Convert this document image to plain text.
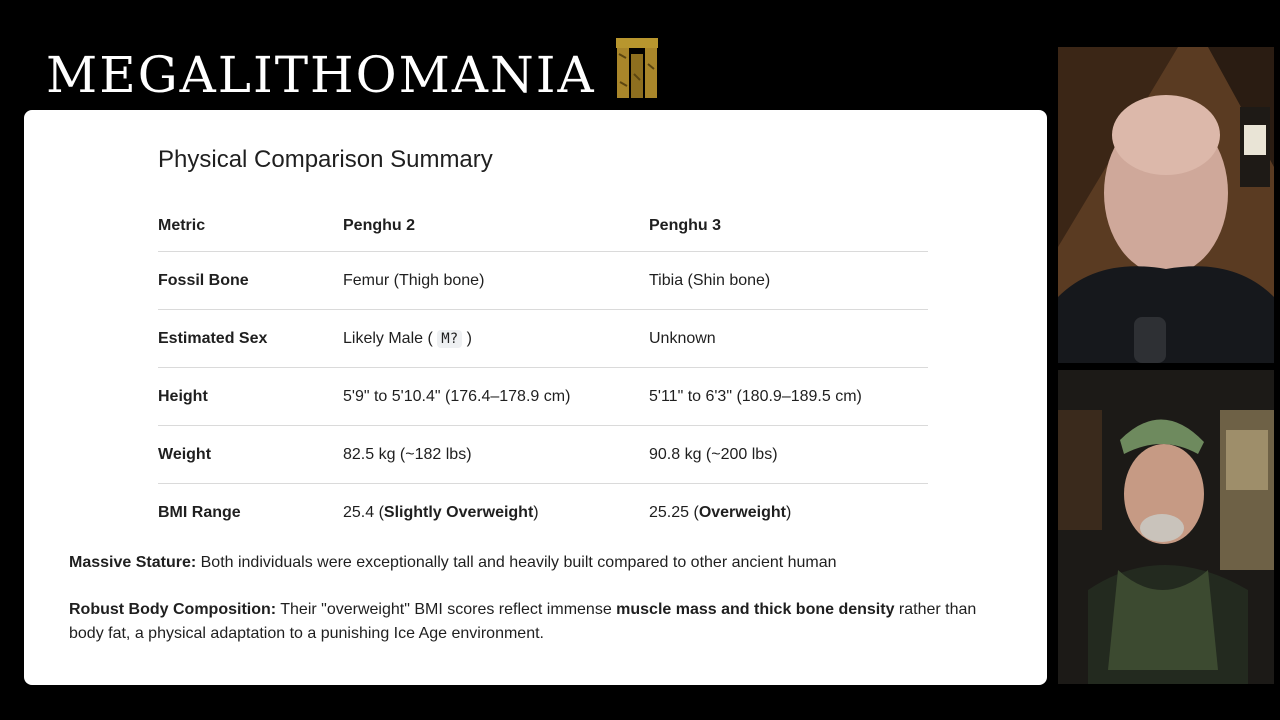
MEGALITHOMANIA
Physical Comparison Summary
Metric	Penghu 2	Penghu 3
Fossil Bone	Femur (Thigh bone)	Tibia (Shin bone)
Estimated Sex	Likely Male ( M? )	Unknown
Height	5'9" to 5'10.4" (176.4–178.9 cm)	5'11" to 6'3" (180.9–189.5 cm)
Weight	82.5 kg (~182 lbs)	90.8 kg (~200 lbs)
BMI Range	25.4 (Slightly Overweight)	25.25 (Overweight)

Massive Stature: Both individuals were exceptionally tall and heavily built compared to other ancient human

Robust Body Composition: Their "overweight" BMI scores reflect immense muscle mass and thick bone density rather than body fat, a physical adaptation to a punishing Ice Age environment.
